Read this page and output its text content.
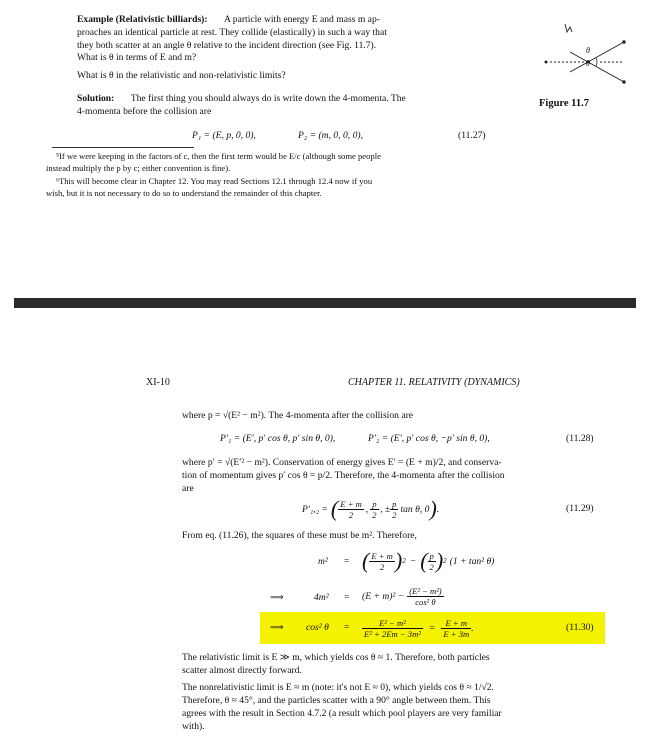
Example (Relativistic billiards): A particle with energy E and mass m ap-
proaches an identical particle at rest. They collide (elastically) in such a way that
they both scatter at an angle θ relative to the incident direction (see Fig. 11.7).
What is θ in terms of E and m?
What is θ in the relativistic and non-relativistic limits?
Solution: The first thing you should always do is write down the 4-momenta. The
4-momenta before the collision are
P₁ = (E, p, 0, 0),	P₂ = (m, 0, 0, 0),	(11.27)
⁵If we were keeping in the factors of c, then the first term would be E/c (although some people
instead multiply the p by c; either convention is fine).
⁶This will become clear in Chapter 12. You may read Sections 12.1 through 12.4 now if you
wish, but it is not necessary to do so to understand the remainder of this chapter.
θ
θ
Figure 11.7
XI-10	CHAPTER 11. RELATIVITY (DYNAMICS)
where p = √(E² − m²). The 4-momenta after the collision are
P′₁ = (E′, p′ cos θ, p′ sin θ, 0),	P′₂ = (E′, p′ cos θ, −p′ sin θ, 0),	(11.28)
where p′ = √(E′² − m²). Conservation of energy gives E′ = (E + m)/2, and conserva-
tion of momentum gives p′ cos θ = p/2. Therefore, the 4-momenta after the collision
are
P′₁,₂ = ( $\frac{E + m}{2}$ , $\frac{p}{2}$ , ± $\frac{p}{2}$ tan θ, 0 ) .	(11.29)
From eq. (11.26), the squares of these must be m². Therefore,
m² = ( $\frac{E + m}{2}$ ) 2 − ( $\frac{p}{2}$ ) 2 (1 + tan² θ)
⟹	$4m^2 = (E + m)^2 - \frac{\text{(E² − m²)}}{\text{cos² θ}}$
⟹ cos² $\theta = \frac{\text{E² − m²}}{\text{E² + 2Em − 3m²}} = \frac{E + m}{E + 3m}$ .	(11.30)
The relativistic limit is E ≫ m, which yields cos θ ≈ 1. Therefore, both particles
scatter almost directly forward.
The nonrelativistic limit is E ≈ m (note: it's not E ≈ 0), which yields cos θ ≈ 1/√2.
Therefore, θ ≈ 45°, and the particles scatter with a 90° angle between them. This
agrees with the result in Section 4.7.2 (a result which pool players are very familiar
with).
